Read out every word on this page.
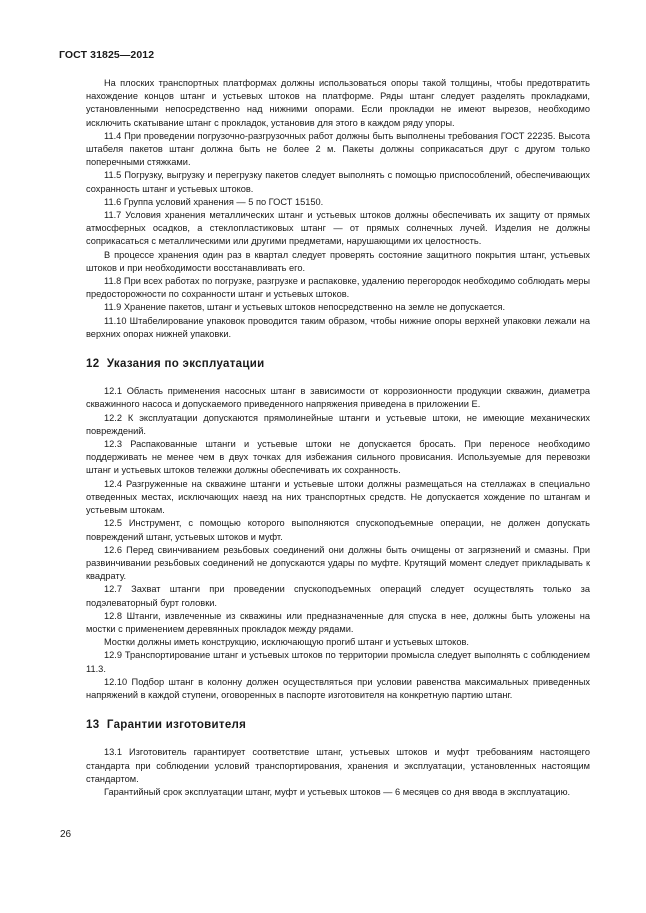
ГОСТ 31825—2012

На плоских транспортных платформах должны использоваться опоры такой толщины, чтобы предотвратить нахождение концов штанг и устьевых штоков на платформе. Ряды штанг следует разделять прокладками, установленными непосредственно над нижними опорами. Если прокладки не имеют вырезов, необходимо исключить скатывание штанг с прокладок, установив для этого в каждом ряду упоры.

11.4 При проведении погрузочно-разгрузочных работ должны быть выполнены требования ГОСТ 22235. Высота штабеля пакетов штанг должна быть не более 2 м. Пакеты должны соприкасаться друг с другом только поперечными стяжками.

11.5 Погрузку, выгрузку и перегрузку пакетов следует выполнять с помощью приспособлений, обеспечивающих сохранность штанг и устьевых штоков.

11.6 Группа условий хранения — 5 по ГОСТ 15150.

11.7 Условия хранения металлических штанг и устьевых штоков должны обеспечивать их защиту от прямых атмосферных осадков, а стеклопластиковых штанг — от прямых солнечных лучей. Изделия не должны соприкасаться с металлическими или другими предметами, нарушающими их целостность.

В процессе хранения один раз в квартал следует проверять состояние защитного покрытия штанг, устьевых штоков и при необходимости восстанавливать его.

11.8 При всех работах по погрузке, разгрузке и распаковке, удалению перегородок необходимо соблюдать меры предосторожности по сохранности штанг и устьевых штоков.

11.9 Хранение пакетов, штанг и устьевых штоков непосредственно на земле не допускается.

11.10 Штабелирование упаковок проводится таким образом, чтобы нижние опоры верхней упаковки лежали на верхних опорах нижней упаковки.

12 Указания по эксплуатации

12.1 Область применения насосных штанг в зависимости от коррозионности продукции скважин, диаметра скважинного насоса и допускаемого приведенного напряжения приведена в приложении Е.

12.2 К эксплуатации допускаются прямолинейные штанги и устьевые штоки, не имеющие механических повреждений.

12.3 Распакованные штанги и устьевые штоки не допускается бросать. При переносе необходимо поддерживать не менее чем в двух точках для избежания сильного провисания. Используемые для перевозки штанг и устьевых штоков тележки должны обеспечивать их сохранность.

12.4 Разгруженные на скважине штанги и устьевые штоки должны размещаться на стеллажах в специально отведенных местах, исключающих наезд на них транспортных средств. Не допускается хождение по штангам и устьевым штокам.

12.5 Инструмент, с помощью которого выполняются спускоподъемные операции, не должен допускать повреждений штанг, устьевых штоков и муфт.

12.6 Перед свинчиванием резьбовых соединений они должны быть очищены от загрязнений и смазны. При развинчивании резьбовых соединений не допускаются удары по муфте. Крутящий момент следует прикладывать к квадрату.

12.7 Захват штанги при проведении спускоподъемных операций следует осуществлять только за подэлеваторный бурт головки.

12.8 Штанги, извлеченные из скважины или предназначенные для спуска в нее, должны быть уложены на мостки с применением деревянных прокладок между рядами.

Мостки должны иметь конструкцию, исключающую прогиб штанг и устьевых штоков.

12.9 Транспортирование штанг и устьевых штоков по территории промысла следует выполнять с соблюдением 11.3.

12.10 Подбор штанг в колонну должен осуществляться при условии равенства максимальных приведенных напряжений в каждой ступени, оговоренных в паспорте изготовителя на конкретную партию штанг.

13 Гарантии изготовителя

13.1 Изготовитель гарантирует соответствие штанг, устьевых штоков и муфт требованиям настоящего стандарта при соблюдении условий транспортирования, хранения и эксплуатации, установленных настоящим стандартом.

Гарантийный срок эксплуатации штанг, муфт и устьевых штоков — 6 месяцев со дня ввода в эксплуатацию.

26
